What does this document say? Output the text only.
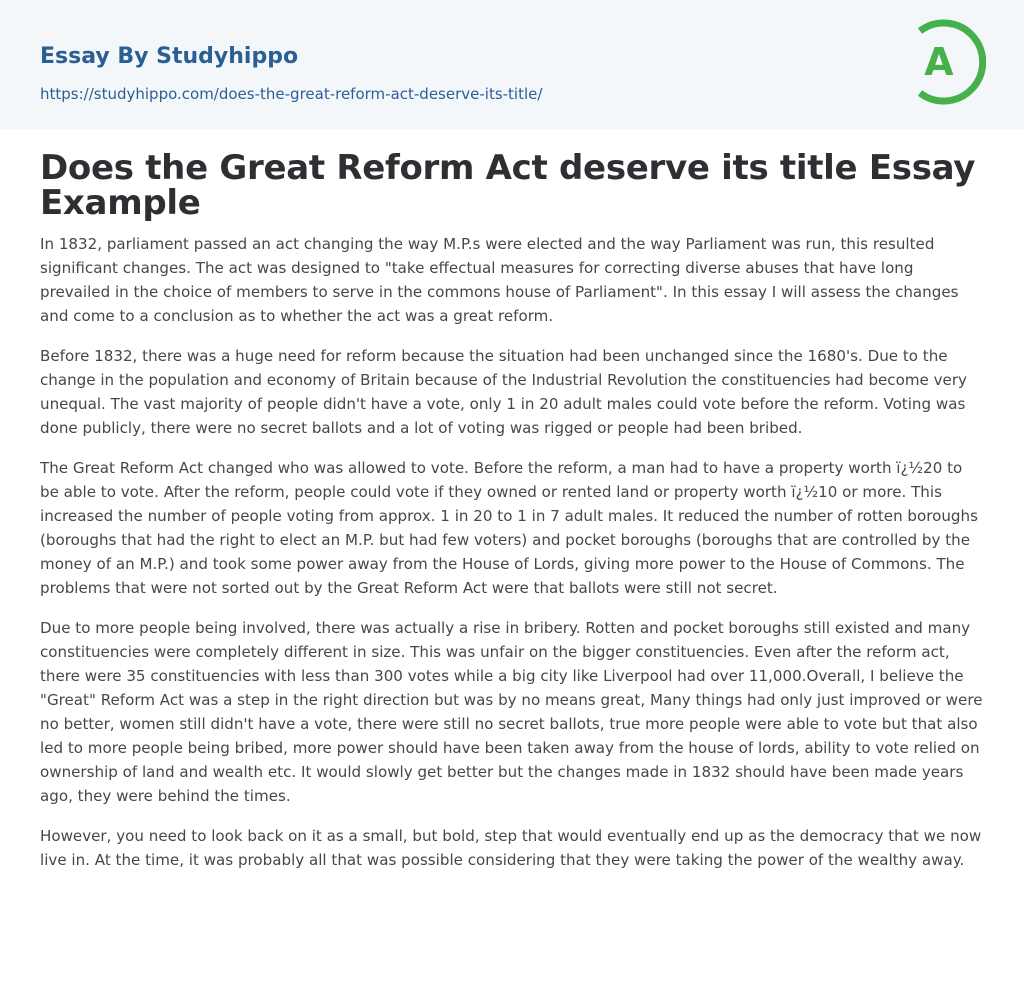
Essay By Studyhippo
https://studyhippo.com/does-the-great-reform-act-deserve-its-title/
A
Does the Great Reform Act deserve its title Essay Example

In 1832, parliament passed an act changing the way M.P.s were elected and the way Parliament was run, this resulted significant changes. The act was designed to "take effectual measures for correcting diverse abuses that have long prevailed in the choice of members to serve in the commons house of Parliament". In this essay I will assess the changes and come to a conclusion as to whether the act was a great reform.

Before 1832, there was a huge need for reform because the situation had been unchanged since the 1680's. Due to the change in the population and economy of Britain because of the Industrial Revolution the constituencies had become very unequal. The vast majority of people didn't have a vote, only 1 in 20 adult males could vote before the reform. Voting was done publicly, there were no secret ballots and a lot of voting was rigged or people had been bribed.

The Great Reform Act changed who was allowed to vote. Before the reform, a man had to have a property worth ï¿½20 to be able to vote. After the reform, people could vote if they owned or rented land or property worth ï¿½10 or more. This increased the number of people voting from approx. 1 in 20 to 1 in 7 adult males. It reduced the number of rotten boroughs (boroughs that had the right to elect an M.P. but had few voters) and pocket boroughs (boroughs that are controlled by the money of an M.P.) and took some power away from the House of Lords, giving more power to the House of Commons. The problems that were not sorted out by the Great Reform Act were that ballots were still not secret.

Due to more people being involved, there was actually a rise in bribery. Rotten and pocket boroughs still existed and many constituencies were completely different in size. This was unfair on the bigger constituencies. Even after the reform act, there were 35 constituencies with less than 300 votes while a big city like Liverpool had over 11,000.Overall, I believe the "Great" Reform Act was a step in the right direction but was by no means great, Many things had only just improved or were no better, women still didn't have a vote, there were still no secret ballots, true more people were able to vote but that also led to more people being bribed, more power should have been taken away from the house of lords, ability to vote relied on ownership of land and wealth etc. It would slowly get better but the changes made in 1832 should have been made years ago, they were behind the times.

However, you need to look back on it as a small, but bold, step that would eventually end up as the democracy that we now live in. At the time, it was probably all that was possible considering that they were taking the power of the wealthy away.
